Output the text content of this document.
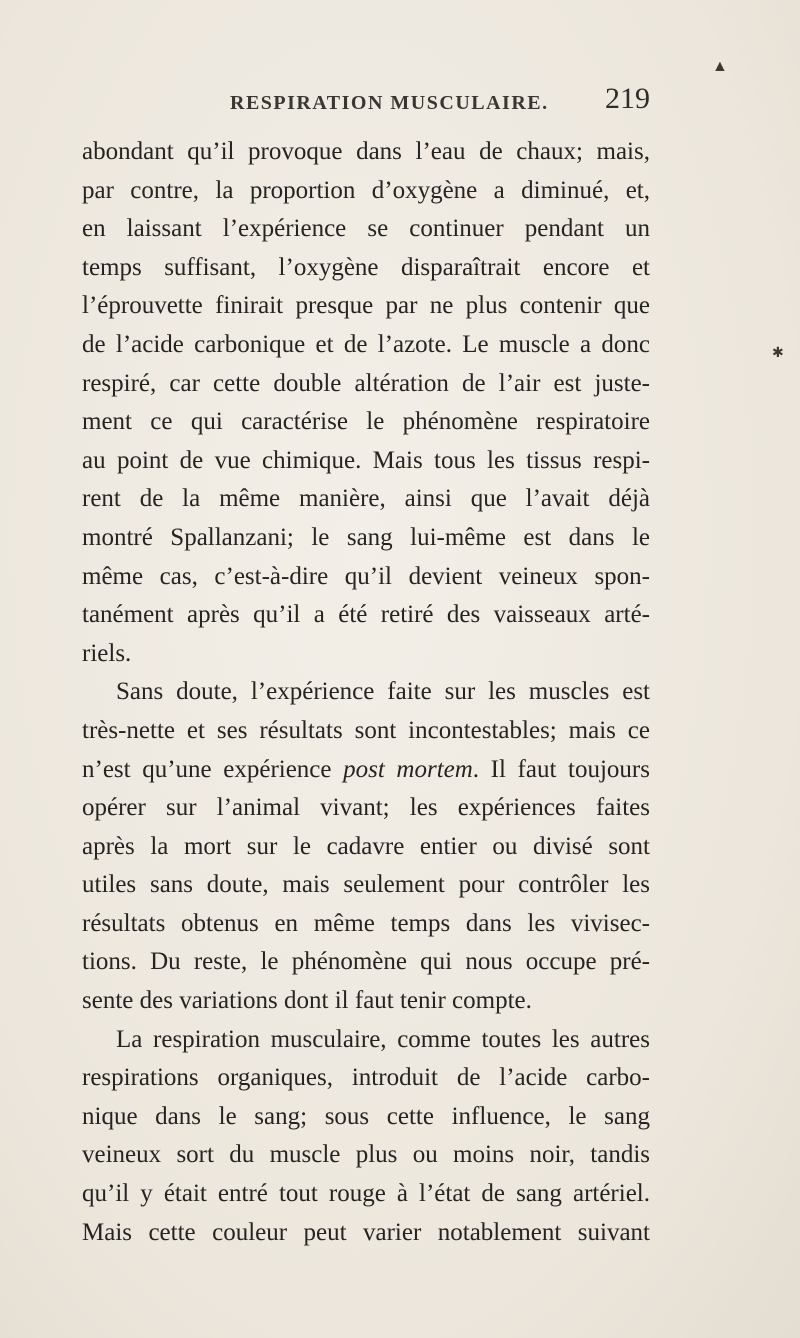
▲
✱
RESPIRATION MUSCULAIRE. 219
abondant qu’il provoque dans l’eau de chaux; mais,
par contre, la proportion d’oxygène a diminué, et,
en laissant l’expérience se continuer pendant un
temps suffisant, l’oxygène disparaîtrait encore et
l’éprouvette finirait presque par ne plus contenir que
de l’acide carbonique et de l’azote. Le muscle a donc
respiré, car cette double altération de l’air est juste-
ment ce qui caractérise le phénomène respiratoire
au point de vue chimique. Mais tous les tissus respi-
rent de la même manière, ainsi que l’avait déjà
montré Spallanzani; le sang lui-même est dans le
même cas, c’est-à-dire qu’il devient veineux spon-
tanément après qu’il a été retiré des vaisseaux arté-
riels.
Sans doute, l’expérience faite sur les muscles est
très-nette et ses résultats sont incontestables; mais ce
n’est qu’une expérience post mortem. Il faut toujours
opérer sur l’animal vivant; les expériences faites
après la mort sur le cadavre entier ou divisé sont
utiles sans doute, mais seulement pour contrôler les
résultats obtenus en même temps dans les vivisec-
tions. Du reste, le phénomène qui nous occupe pré-
sente des variations dont il faut tenir compte.
La respiration musculaire, comme toutes les autres
respirations organiques, introduit de l’acide carbo-
nique dans le sang; sous cette influence, le sang
veineux sort du muscle plus ou moins noir, tandis
qu’il y était entré tout rouge à l’état de sang artériel.
Mais cette couleur peut varier notablement suivant
